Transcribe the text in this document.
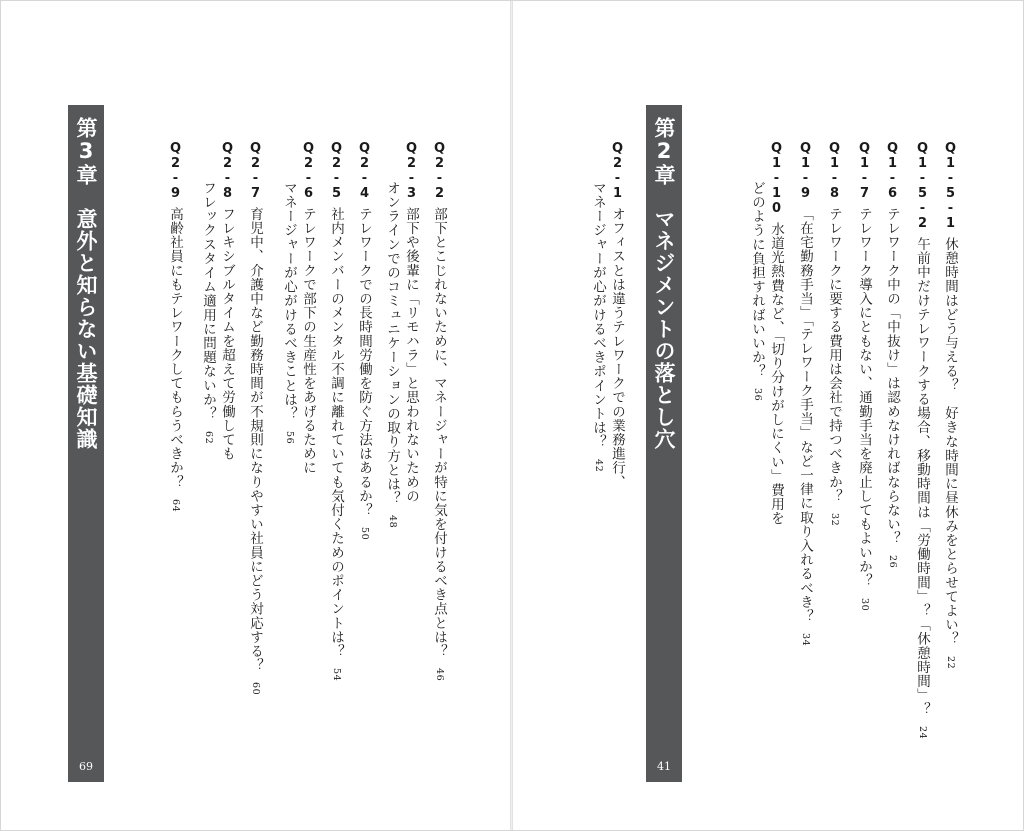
第3章　意外と知らない基礎知識
69
Q2-2部下とこじれないために、マネージャーが特に気を付けるべき点とは？46
Q2-3部下や後輩に「リモハラ」と思われないための
オンラインでのコミュニケーションの取り方とは？48
Q2-4テレワークでの長時間労働を防ぐ方法はあるか？50
Q2-5社内メンバーのメンタル不調に離れていても気付くためのポイントは？54
Q2-6テレワークで部下の生産性をあげるために
マネージャーが心がけるべきことは？56
Q2-7育児中、介護中など勤務時間が不規則になりやすい社員にどう対応する？60
Q2-8フレキシブルタイムを超えて労働しても
フレックスタイム適用に問題ないか？62
Q2-9高齢社員にもテレワークしてもらうべきか？64
第2章　マネジメントの落とし穴
41
Q1-5-1休憩時間はどう与える？　好きな時間に昼休みをとらせてよい？22
Q1-5-2午前中だけテレワークする場合、移動時間は「労働時間」？「休憩時間」？24
Q1-6テレワーク中の「中抜け」は認めなければならない？26
Q1-7テレワーク導入にともない、通勤手当を廃止してもよいか？30
Q1-8テレワークに要する費用は会社で持つべきか？32
Q1-9「在宅勤務手当」「テレワーク手当」など一律に取り入れるべき？34
Q1-10水道光熱費など、「切り分けがしにくい」費用を
どのように負担すればいいか？36
Q2-1オフィスとは違うテレワークでの業務進行、
マネージャーが心がけるべきポイントは？42
